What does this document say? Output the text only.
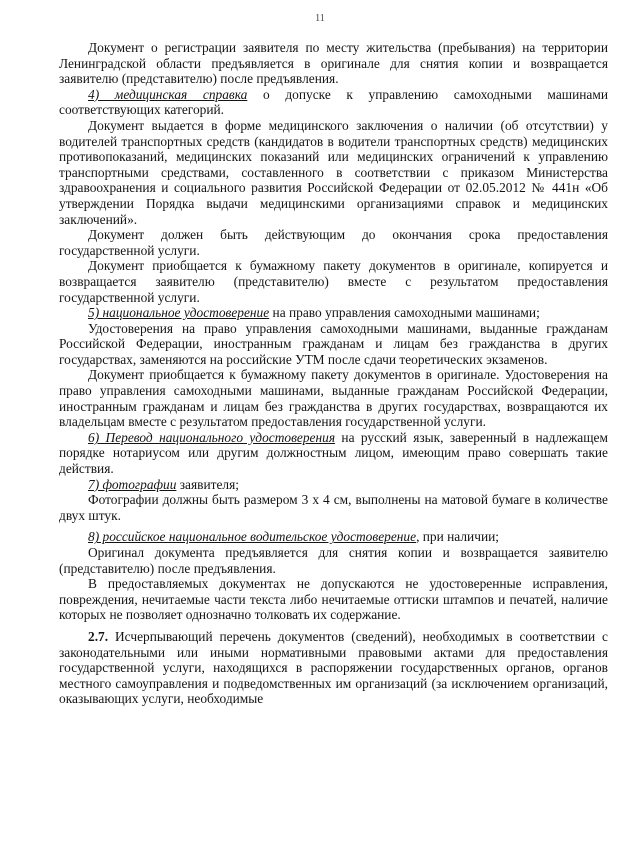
11

Документ о регистрации заявителя по месту жительства (пребывания) на территории Ленинградской области предъявляется в оригинале для снятия копии и возвращается заявителю (представителю) после предъявления.

4) медицинская справка о допуске к управлению самоходными машинами соответствующих категорий.

Документ выдается в форме медицинского заключения о наличии (об отсутствии) у водителей транспортных средств (кандидатов в водители транспортных средств) медицинских противопоказаний, медицинских показаний или медицинских ограничений к управлению транспортными средствами, составленного в соответствии с приказом Министерства здравоохранения и социального развития Российской Федерации от 02.05.2012 № 441н «Об утверждении Порядка выдачи медицинскими организациями справок и медицинских заключений».

Документ должен быть действующим до окончания срока предоставления государственной услуги.

Документ приобщается к бумажному пакету документов в оригинале, копируется и возвращается заявителю (представителю) вместе с результатом предоставления государственной услуги.

5) национальное удостоверение на право управления самоходными машинами;

Удостоверения на право управления самоходными машинами, выданные гражданам Российской Федерации, иностранным гражданам и лицам без гражданства в других государствах, заменяются на российские УТМ после сдачи теоретических экзаменов.

Документ приобщается к бумажному пакету документов в оригинале. Удостоверения на право управления самоходными машинами, выданные гражданам Российской Федерации, иностранным гражданам и лицам без гражданства в других государствах, возвращаются их владельцам вместе с результатом предоставления государственной услуги.

6) Перевод национального удостоверения на русский язык, заверенный в надлежащем порядке нотариусом или другим должностным лицом, имеющим право совершать такие действия.

7) фотографии заявителя;

Фотографии должны быть размером 3 х 4 см, выполнены на матовой бумаге в количестве двух штук.

8) российское национальное водительское удостоверение, при наличии;

Оригинал документа предъявляется для снятия копии и возвращается заявителю (представителю) после предъявления.

В предоставляемых документах не допускаются не удостоверенные исправления, повреждения, нечитаемые части текста либо нечитаемые оттиски штампов и печатей, наличие которых не позволяет однозначно толковать их содержание.

2.7. Исчерпывающий перечень документов (сведений), необходимых в соответствии с законодательными или иными нормативными правовыми актами для предоставления государственной услуги, находящихся в распоряжении государственных органов, органов местного самоуправления и подведомственных им организаций (за исключением организаций, оказывающих услуги, необходимые
